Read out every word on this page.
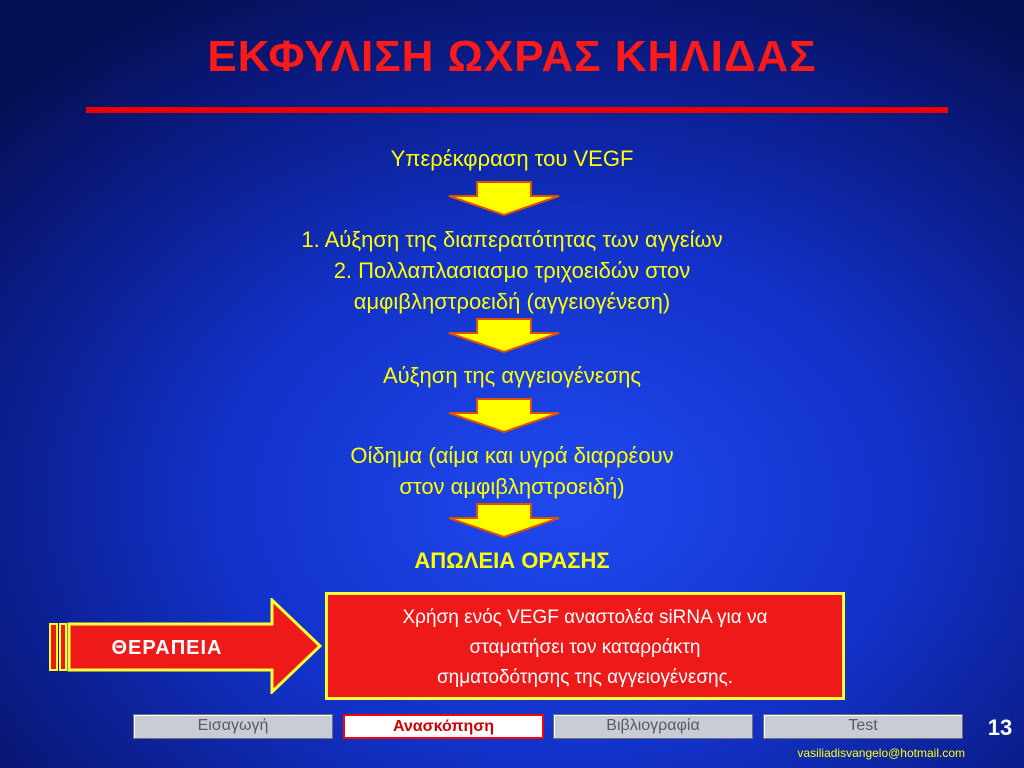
ΕΚΦΥΛΙΣΗ ΩΧΡΑΣ ΚΗΛΙΔΑΣ
Υπερέκφραση του VEGF
1. Αύξηση της διαπερατότητας των αγγείων
2. Πολλαπλασιασμο τριχοειδών στον
αμφιβληστροειδή (αγγειογένεση)
Αύξηση της αγγειογένεσης
Οίδημα (αίμα και υγρά διαρρέουν
στον αμφιβληστροειδή)
ΑΠΩΛΕΙΑ ΟΡΑΣΗΣ
ΘΕΡΑΠΕΙΑ
Χρήση ενός VEGF αναστολέα siRNA για να
σταματήσει τον καταρράκτη
σηματοδότησης της αγγειογένεσης.
Εισαγωγή	Ανασκόπηση	Βιβλιογραφία	Test	13
vasiliadisvangelo@hotmail.com
